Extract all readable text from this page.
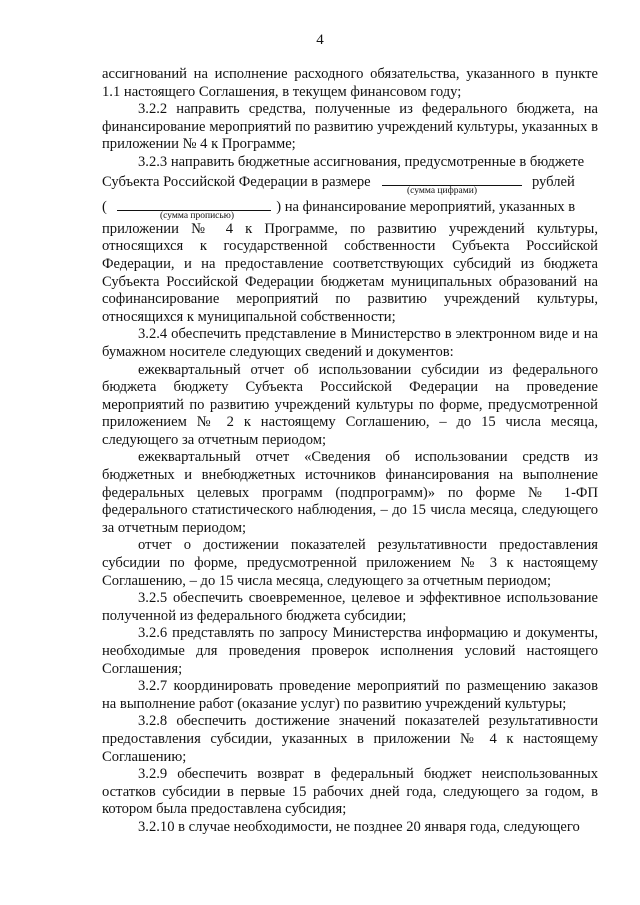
4

ассигнований на исполнение расходного обязательства, указанного в пункте 1.1 настоящего Соглашения, в текущем финансовом году;

3.2.2 направить средства, полученные из федерального бюджета, на финансирование мероприятий по развитию учреждений культуры, указанных в приложении № 4 к Программе;

3.2.3 направить бюджетные ассигнования, предусмотренные в бюджете

Субъекта Российской Федерации в размере	рублей
(сумма цифрами)
(	) на финансирование мероприятий, указанных в
(сумма прописью)

приложении № 4 к Программе, по развитию учреждений культуры, относящихся к государственной собственности Субъекта Российской Федерации, и на предоставление соответствующих субсидий из бюджета Субъекта Российской Федерации бюджетам муниципальных образований на софинансирование мероприятий по развитию учреждений культуры, относящихся к муниципальной собственности;

3.2.4 обеспечить представление в Министерство в электронном виде и на бумажном носителе следующих сведений и документов:

ежеквартальный отчет об использовании субсидии из федерального бюджета бюджету Субъекта Российской Федерации на проведение мероприятий по развитию учреждений культуры по форме, предусмотренной приложением № 2 к настоящему Соглашению, – до 15 числа месяца, следующего за отчетным периодом;

ежеквартальный отчет «Сведения об использовании средств из бюджетных и внебюджетных источников финансирования на выполнение федеральных целевых программ (подпрограмм)» по форме № 1-ФП федерального статистического наблюдения, – до 15 числа месяца, следующего за отчетным периодом;

отчет о достижении показателей результативности предоставления субсидии по форме, предусмотренной приложением № 3 к настоящему Соглашению, – до 15 числа месяца, следующего за отчетным периодом;

3.2.5 обеспечить своевременное, целевое и эффективное использование полученной из федерального бюджета субсидии;

3.2.6 представлять по запросу Министерства информацию и документы, необходимые для проведения проверок исполнения условий настоящего Соглашения;

3.2.7 координировать проведение мероприятий по размещению заказов на выполнение работ (оказание услуг) по развитию учреждений культуры;

3.2.8 обеспечить достижение значений показателей результативности предоставления субсидии, указанных в приложении № 4 к настоящему Соглашению;

3.2.9 обеспечить возврат в федеральный бюджет неиспользованных остатков субсидии в первые 15 рабочих дней года, следующего за годом, в котором была предоставлена субсидия;

3.2.10 в случае необходимости, не позднее 20 января года, следующего
